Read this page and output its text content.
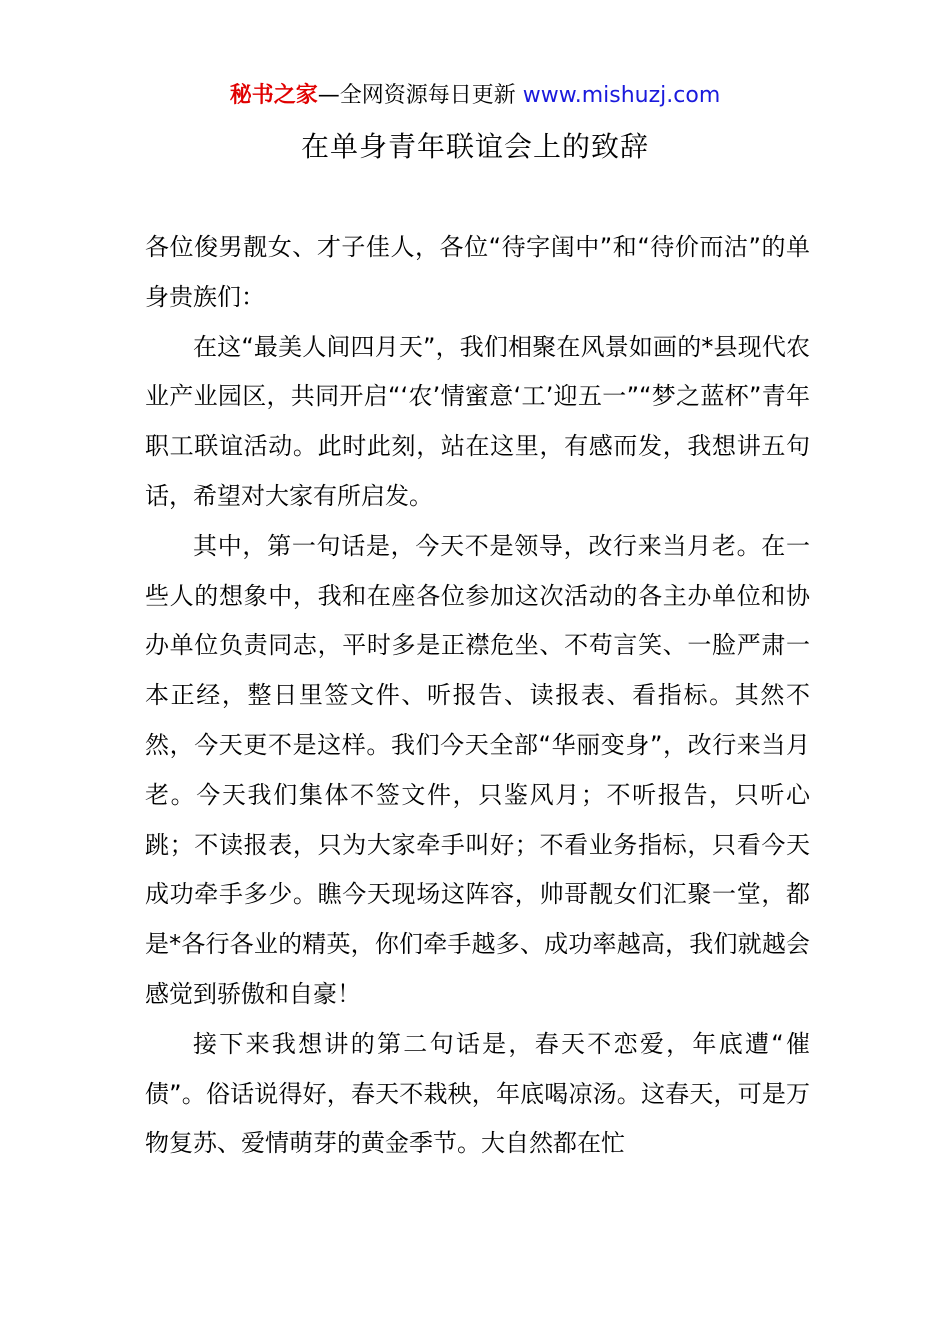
秘书之家—全网资源每日更新 www.mishuzj.com
在单身青年联谊会上的致辞

各位俊男靓女、才子佳人，各位“待字闺中”和“待价而沽”的单身贵族们：

在这“最美人间四月天”，我们相聚在风景如画的*县现代农业产业园区，共同开启“‘农’情蜜意‘工’迎五一”“梦之蓝杯”青年职工联谊活动。此时此刻，站在这里，有感而发，我想讲五句话，希望对大家有所启发。

其中，第一句话是，今天不是领导，改行来当月老。在一些人的想象中，我和在座各位参加这次活动的各主办单位和协办单位负责同志，平时多是正襟危坐、不苟言笑、一脸严肃一本正经，整日里签文件、听报告、读报表、看指标。其然不然，今天更不是这样。我们今天全部“华丽变身”，改行来当月老。今天我们集体不签文件，只鉴风月；不听报告，只听心跳；不读报表，只为大家牵手叫好；不看业务指标，只看今天成功牵手多少。瞧今天现场这阵容，帅哥靓女们汇聚一堂，都是*各行各业的精英，你们牵手越多、成功率越高，我们就越会感觉到骄傲和自豪！

接下来我想讲的第二句话是，春天不恋爱，年底遭“催债”。俗话说得好，春天不栽秧，年底喝凉汤。这春天，可是万物复苏、爱情萌芽的黄金季节。大自然都在忙
